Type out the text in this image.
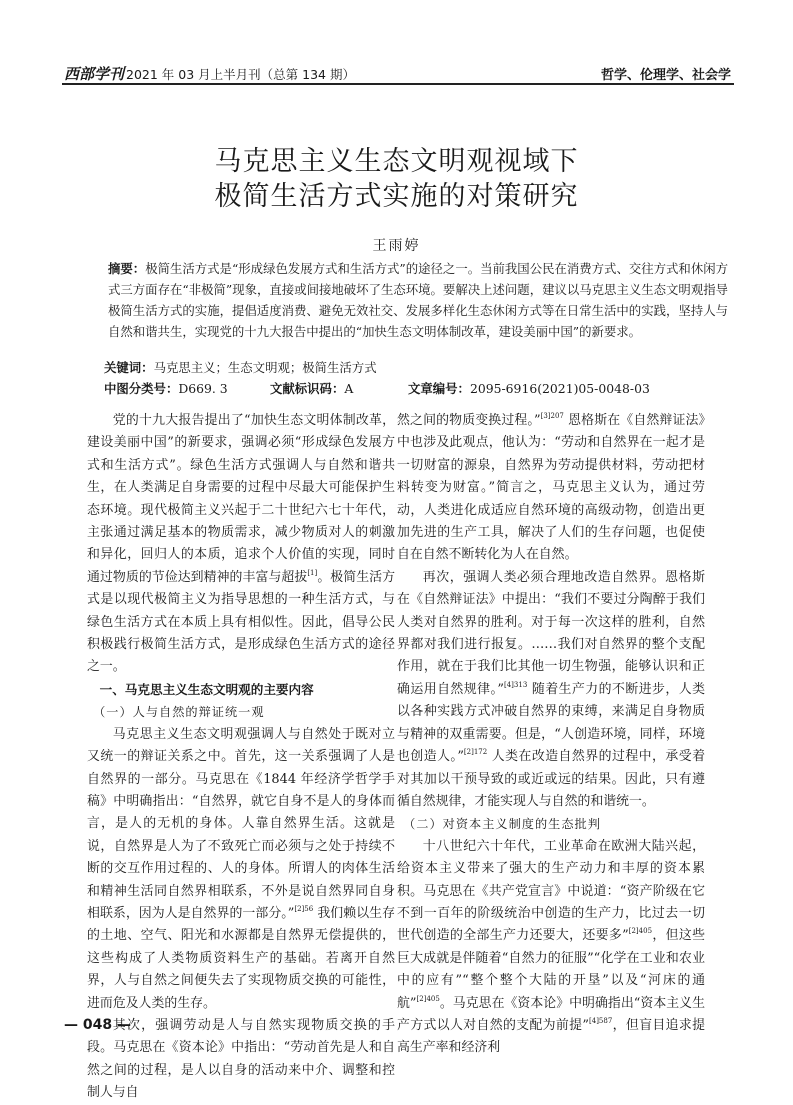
西部学刊 2021 年 03 月上半月刊（总第 134 期）	哲学、伦理学、社会学
马克思主义生态文明观视域下
极简生活方式实施的对策研究
王雨婷
摘要：极简生活方式是“形成绿色发展方式和生活方式”的途径之一。当前我国公民在消费方式、交往方式和休闲方式三方面存在“非极简”现象，直接或间接地破坏了生态环境。要解决上述问题，建议以马克思主义生态文明观指导极简生活方式的实施，提倡适度消费、避免无效社交、发展多样化生态休闲方式等在日常生活中的实践，坚持人与自然和谐共生，实现党的十九大报告中提出的“加快生态文明体制改革，建设美丽中国”的新要求。
关键词：马克思主义；生态文明观；极简生活方式
中图分类号：D669. 3	文献标识码：A	文章编号：2095-6916(2021)05-0048-03

党的十九大报告提出了“加快生态文明体制改革，建设美丽中国”的新要求，强调必须“形成绿色发展方式和生活方式”。绿色生活方式强调人与自然和谐共生，在人类满足自身需要的过程中尽最大可能保护生态环境。现代极简主义兴起于二十世纪六七十年代，主张通过满足基本的物质需求，减少物质对人的刺激和异化，回归人的本质，追求个人价值的实现，同时通过物质的节俭达到精神的丰富与超拔[1]。极简生活方式是以现代极简主义为指导思想的一种生活方式，与绿色生活方式在本质上具有相似性。因此，倡导公民积极践行极简生活方式，是形成绿色生活方式的途径之一。

一、马克思主义生态文明观的主要内容

（一）人与自然的辩证统一观

马克思主义生态文明观强调人与自然处于既对立又统一的辩证关系之中。首先，这一关系强调了人是自然界的一部分。马克思在《1844 年经济学哲学手稿》中明确指出：“自然界，就它自身不是人的身体而言，是人的无机的身体。人靠自然界生活。这就是说，自然界是人为了不致死亡而必须与之处于持续不断的交互作用过程的、人的身体。所谓人的肉体生活和精神生活同自然界相联系，不外是说自然界同自身相联系，因为人是自然界的一部分。”$^{[2]56}$ 我们赖以生存的土地、空气、阳光和水源都是自然界无偿提供的，这些构成了人类物质资料生产的基础。若离开自然界，人与自然之间便失去了实现物质交换的可能性，进而危及人类的生存。

其次，强调劳动是人与自然实现物质交换的手段。马克思在《资本论》中指出：“劳动首先是人和自然之间的过程，是人以自身的活动来中介、调整和控制人与自

然之间的物质变换过程。”$^{[3]207}$ 恩格斯在《自然辩证法》中也涉及此观点，他认为：“劳动和自然界在一起才是一切财富的源泉，自然界为劳动提供材料，劳动把材料转变为财富。”简言之，马克思主义认为，通过劳动，人类进化成适应自然环境的高级动物，创造出更加先进的生产工具，解决了人们的生存问题，也促使自在自然不断转化为人在自然。

再次，强调人类必须合理地改造自然界。恩格斯在《自然辩证法》中提出：“我们不要过分陶醉于我们人类对自然界的胜利。对于每一次这样的胜利，自然界都对我们进行报复。……我们对自然界的整个支配作用，就在于我们比其他一切生物强，能够认识和正确运用自然规律。”$^{[4]313}$ 随着生产力的不断进步，人类以各种实践方式冲破自然界的束缚，来满足自身物质与精神的双重需要。但是，“人创造环境，同样，环境也创造人。”$^{[2]172}$ 人类在改造自然界的过程中，承受着对其加以干预导致的或近或远的结果。因此，只有遵循自然规律，才能实现人与自然的和谐统一。

（二）对资本主义制度的生态批判

十八世纪六十年代，工业革命在欧洲大陆兴起，给资本主义带来了强大的生产动力和丰厚的资本累积。马克思在《共产党宣言》中说道：“资产阶级在它不到一百年的阶级统治中创造的生产力，比过去一切世代创造的全部生产力还要大，还要多”$^{[2]405}$，但这些巨大成就是伴随着“自然力的征服”“化学在工业和农业中的应有”“整个整个大陆的开垦”以及“河床的通航”$^{[2]405}$。马克思在《资本论》中明确指出“资本主义生产方式以人对自然的支配为前提”$^{[4]587}$，但盲目追求提高生产率和经济利

— 048 —
